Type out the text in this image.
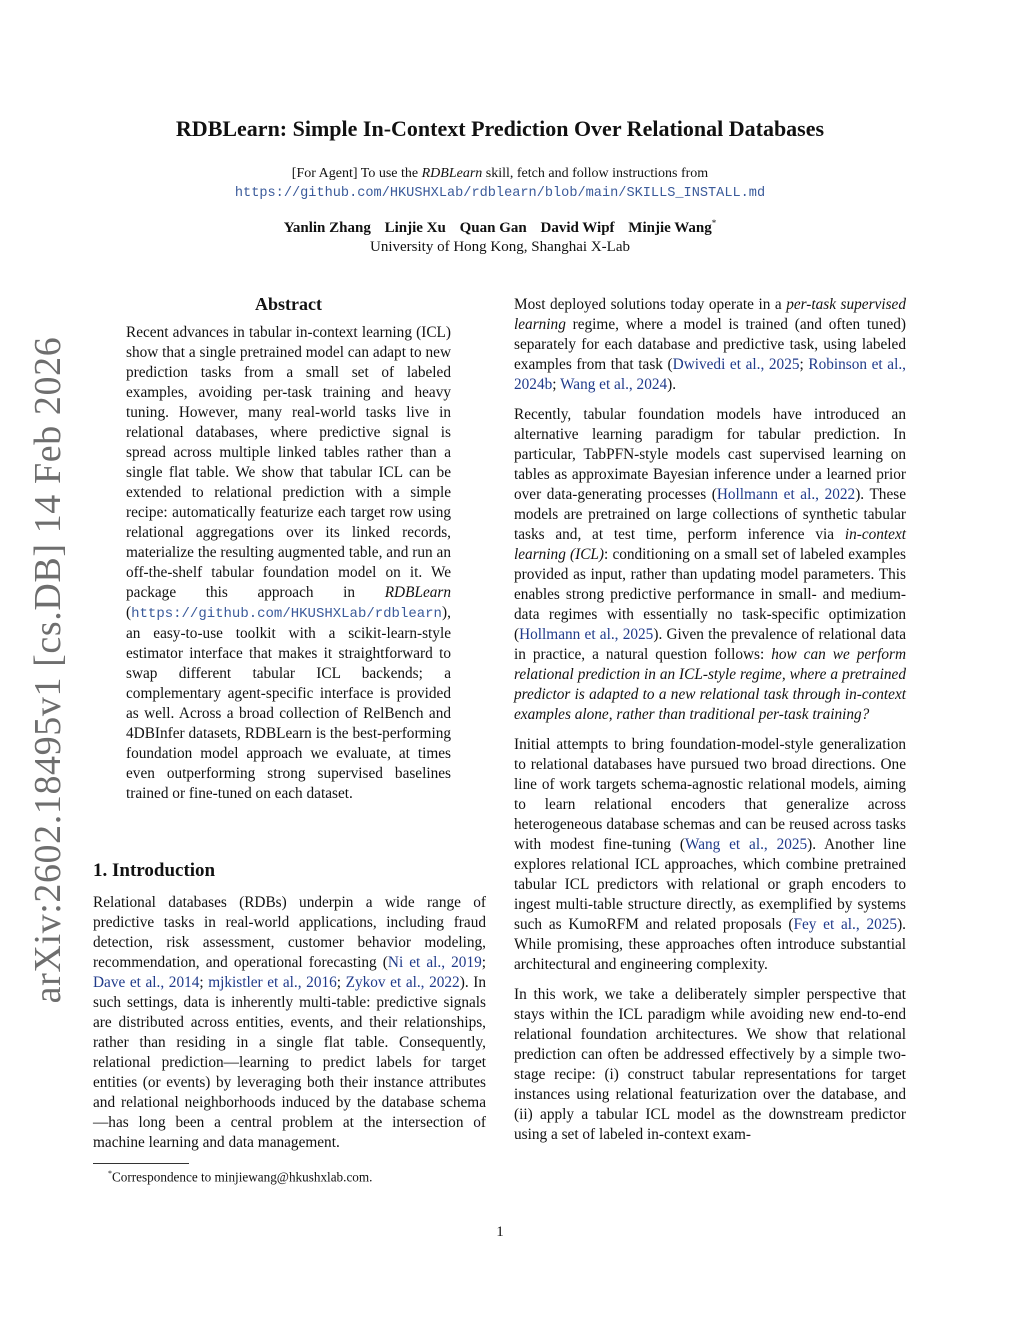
arXiv:2602.18495v1 [cs.DB] 14 Feb 2026
RDBLearn: Simple In-Context Prediction Over Relational Databases
[For Agent] To use the RDBLearn skill, fetch and follow instructions from
https://github.com/HKUSHXLab/rdblearn/blob/main/SKILLS_INSTALL.md
Yanlin Zhang Linjie Xu Quan Gan David Wipf Minjie Wang*
University of Hong Kong, Shanghai X-Lab
Abstract
Recent advances in tabular in-context learning (ICL) show that a single pretrained model can adapt to new prediction tasks from a small set of labeled examples, avoiding per-task training and heavy tuning. However, many real-world tasks live in relational databases, where predictive signal is spread across multiple linked tables rather than a single flat table. We show that tabular ICL can be extended to relational prediction with a simple recipe: automatically featurize each target row using relational aggregations over its linked records, materialize the resulting augmented table, and run an off-the-shelf tabular foundation model on it. We package this approach in RDBLearn (https://github.com/HKUSHXLab/rdblearn), an easy-to-use toolkit with a scikit-learn-style estimator interface that makes it straightforward to swap different tabular ICL backends; a complementary agent-specific interface is provided as well. Across a broad collection of RelBench and 4DBInfer datasets, RDBLearn is the best-performing foundation model approach we evaluate, at times even outperforming strong supervised baselines trained or fine-tuned on each dataset.
1. Introduction
Relational databases (RDBs) underpin a wide range of predictive tasks in real-world applications, including fraud detection, risk assessment, customer behavior modeling, recommendation, and operational forecasting (Ni et al., 2019; Dave et al., 2014; mjkistler et al., 2016; Zykov et al., 2022). In such settings, data is inherently multi-table: predictive signals are distributed across entities, events, and their relationships, rather than residing in a single flat table. Consequently, relational prediction—learning to predict labels for target entities (or events) by leveraging both their instance attributes and relational neighborhoods induced by the database schema—has long been a central problem at the intersection of machine learning and data management.
*Correspondence to minjiewang@hkushxlab.com.

Most deployed solutions today operate in a per-task supervised learning regime, where a model is trained (and often tuned) separately for each database and predictive task, using labeled examples from that task (Dwivedi et al., 2025; Robinson et al., 2024b; Wang et al., 2024).

Recently, tabular foundation models have introduced an alternative learning paradigm for tabular prediction. In particular, TabPFN-style models cast supervised learning on tables as approximate Bayesian inference under a learned prior over data-generating processes (Hollmann et al., 2022). These models are pretrained on large collections of synthetic tabular tasks and, at test time, perform inference via in-context learning (ICL): conditioning on a small set of labeled examples provided as input, rather than updating model parameters. This enables strong predictive performance in small- and medium-data regimes with essentially no task-specific optimization (Hollmann et al., 2025). Given the prevalence of relational data in practice, a natural question follows: how can we perform relational prediction in an ICL-style regime, where a pretrained predictor is adapted to a new relational task through in-context examples alone, rather than traditional per-task training?

Initial attempts to bring foundation-model-style generalization to relational databases have pursued two broad directions. One line of work targets schema-agnostic relational models, aiming to learn relational encoders that generalize across heterogeneous database schemas and can be reused across tasks with modest fine-tuning (Wang et al., 2025). Another line explores relational ICL approaches, which combine pretrained tabular ICL predictors with relational or graph encoders to ingest multi-table structure directly, as exemplified by systems such as KumoRFM and related proposals (Fey et al., 2025). While promising, these approaches often introduce substantial architectural and engineering complexity.

In this work, we take a deliberately simpler perspective that stays within the ICL paradigm while avoiding new end-to-end relational foundation architectures. We show that relational prediction can often be addressed effectively by a simple two-stage recipe: (i) construct tabular representations for target instances using relational featurization over the database, and (ii) apply a tabular ICL model as the downstream predictor using a set of labeled in-context exam-

1
